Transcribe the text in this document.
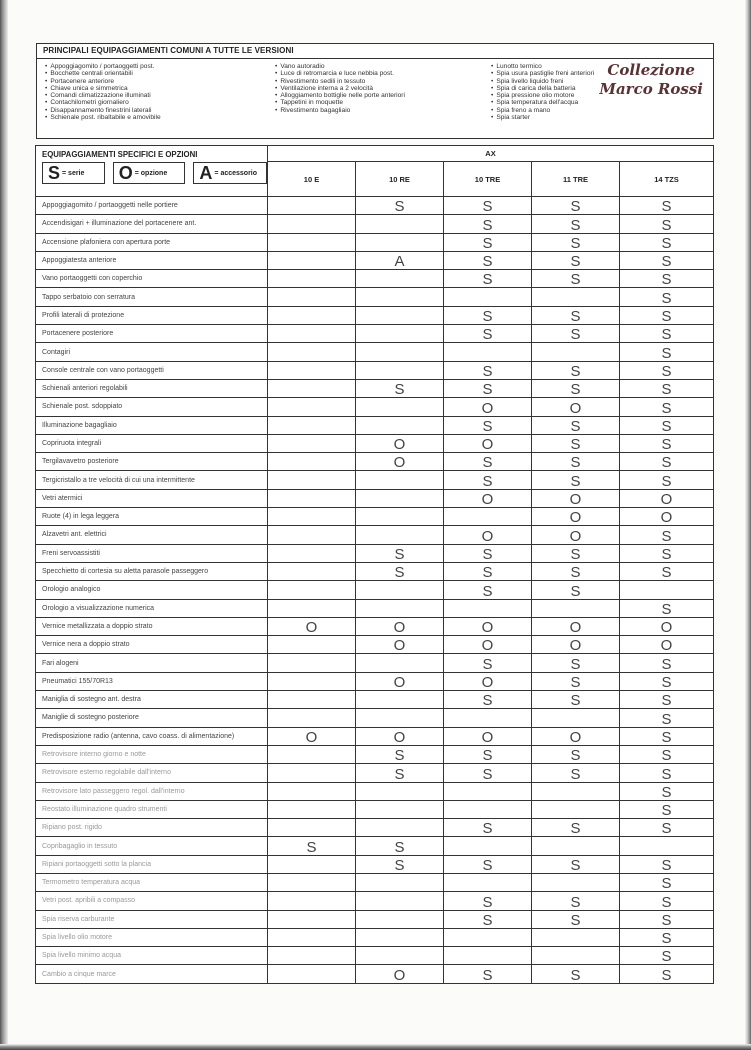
PRINCIPALI EQUIPAGGIAMENTI COMUNI A TUTTE LE VERSIONI
• Appoggiagomito / portaoggetti post.
• Bocchette centrali orientabili
• Portacenere anteriore
• Chiave unica e simmetrica
• Comandi climatizzazione illuminati
• Contachilometri giornaliero
• Disappannamento finestrini laterali
• Schienale post. ribaltabile e amovibile
• Vano autoradio
• Luce di retromarcia e luce nebbia post.
• Rivestimento sedili in tessuto
• Ventilazione interna a 2 velocità
• Alloggiamento bottiglie nelle porte anteriori
• Tappetini in moquette
• Rivestimento bagagliaio
• Lunotto termico
• Spia usura pastiglie freni anteriori
• Spia livello liquido freni
• Spia di carica della batteria
• Spia pressione olio motore
• Spia temperatura dell'acqua
• Spia freno a mano
• Spia starter
Collezione
Marco Rossi
EQUIPAGGIAMENTI SPECIFICI E OPZIONI
S = serie O = opzione A = accessorio
	AX
	10 E	10 RE	10 TRE	11 TRE	14 TZS
Appoggiagomito / portaoggetti nelle portiere		S	S	S	S
Accendisigari + illuminazione del portacenere ant.			S	S	S
Accensione plafoniera con apertura porte			S	S	S
Appoggiatesta anteriore		A	S	S	S
Vano portaoggetti con coperchio			S	S	S
Tappo serbatoio con serratura					S
Profili laterali di protezione			S	S	S
Portacenere posteriore			S	S	S
Contagiri					S
Console centrale con vano portaoggetti			S	S	S
Schienali anteriori regolabili		S	S	S	S
Schienale post. sdoppiato			O	O	S
Illuminazione bagagliaio			S	S	S
Copriruota integrali		O	O	S	S
Tergilavavetro posteriore		O	S	S	S
Tergicristallo a tre velocità di cui una intermittente			S	S	S
Vetri atermici			O	O	O
Ruote (4) in lega leggera				O	O
Alzavetri ant. elettrici			O	O	S
Freni servoassistiti		S	S	S	S
Specchietto di cortesia su aletta parasole passeggero		S	S	S	S
Orologio analogico			S	S	
Orologio a visualizzazione numerica					S
Vernice metallizzata a doppio strato	O	O	O	O	O
Vernice nera a doppio strato		O	O	O	O
Fari alogeni			S	S	S
Pneumatici 155/70R13		O	O	S	S
Maniglia di sostegno ant. destra			S	S	S
Maniglie di sostegno posteriore					S
Predisposizione radio (antenna, cavo coass. di alimentazione)	O	O	O	O	S
Retrovisore interno giorno e notte		S	S	S	S
Retrovisore esterno regolabile dall'interno		S	S	S	S
Retrovisore lato passeggero regol. dall'interno					S
Reostato illuminazione quadro strumenti					S
Ripiano post. rigido			S	S	S
Copribagaglio in tessuto	S	S			
Ripiani portaoggetti sotto la plancia		S	S	S	S
Termometro temperatura acqua					S
Vetri post. apribili a compasso			S	S	S
Spia riserva carburante			S	S	S
Spia livello olio motore					S
Spia livello minimo acqua					S
Cambio a cinque marce		O	S	S	S
